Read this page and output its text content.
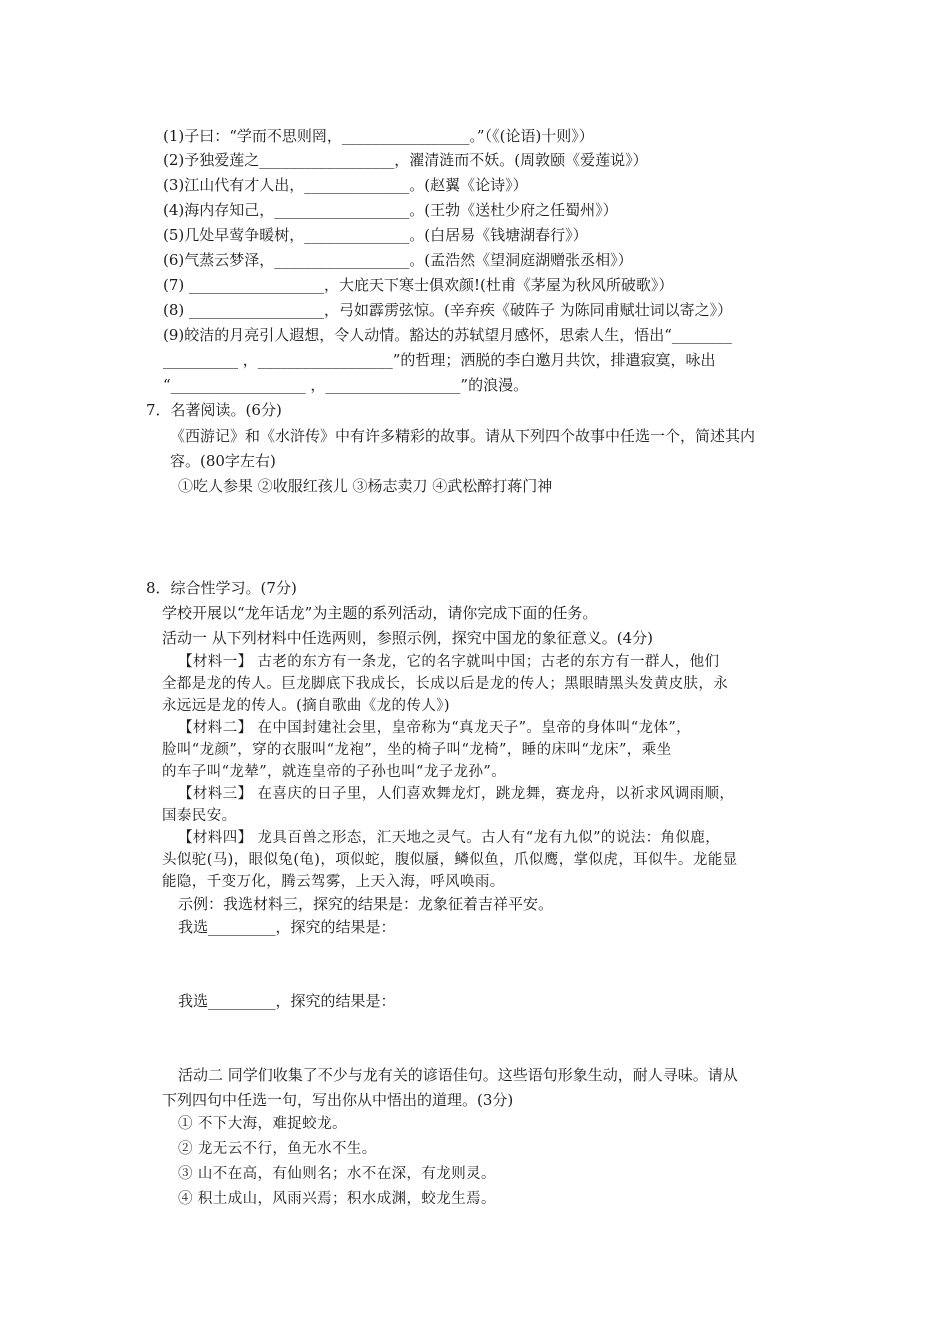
(1)子曰：“学而不思则罔，_________________。”（《(论语)十则》）
(2)予独爱莲之__________________，濯清涟而不妖。(周敦颐《爱莲说》）
(3)江山代有才人出，______________。(赵翼《论诗》）
(4)海内存知己，__________________。(王勃《送杜少府之任蜀州》）
(5)几处早莺争暖树，______________。(白居易《钱塘湖春行》）
(6)气蒸云梦泽，__________________。(孟浩然《望洞庭湖赠张丞相》）
(7) __________________，大庇天下寒士俱欢颜!(杜甫《茅屋为秋风所破歌》）
(8) __________________，弓如霹雳弦惊。(辛弃疾《破阵子 为陈同甫赋壮词以寄之》）
(9)皎洁的月亮引人遐想，令人动情。豁达的苏轼望月感怀，思索人生，悟出“________
__________ ，__________________”的哲理；洒脱的李白邀月共饮，排遣寂寞，咏出
“__________________ ，__________________”的浪漫。
7．名著阅读。(6分)
《西游记》和《水浒传》中有许多精彩的故事。请从下列四个故事中任选一个，简述其内
容。(80字左右)
①吃人参果 ②收服红孩儿 ③杨志卖刀 ④武松醉打蒋门神
8．综合性学习。(7分)
学校开展以“龙年话龙”为主题的系列活动，请你完成下面的任务。
活动一 从下列材料中任选两则，参照示例，探究中国龙的象征意义。(4分)
【材料一】 古老的东方有一条龙，它的名字就叫中国；古老的东方有一群人，他们
全都是龙的传人。巨龙脚底下我成长，长成以后是龙的传人；黑眼睛黑头发黄皮肤，永
永远远是龙的传人。(摘自歌曲《龙的传人》)
【材料二】 在中国封建社会里，皇帝称为“真龙天子”。皇帝的身体叫“龙体”，
脸叫“龙颜”，穿的衣服叫“龙袍”，坐的椅子叫“龙椅”，睡的床叫“龙床”，乘坐
的车子叫“龙辇”，就连皇帝的子孙也叫“龙子龙孙”。
【材料三】 在喜庆的日子里，人们喜欢舞龙灯，跳龙舞，赛龙舟，以祈求风调雨顺，
国泰民安。
【材料四】 龙具百兽之形态，汇天地之灵气。古人有“龙有九似”的说法：角似鹿，
头似驼(马)，眼似兔(龟)，项似蛇，腹似蜃，鳞似鱼，爪似鹰，掌似虎，耳似牛。龙能显
能隐，千变万化，腾云驾雾，上天入海，呼风唤雨。
示例：我选材料三，探究的结果是：龙象征着吉祥平安。
我选_________，探究的结果是：
我选_________，探究的结果是：
活动二 同学们收集了不少与龙有关的谚语佳句。这些语句形象生动，耐人寻味。请从
下列四句中任选一句，写出你从中悟出的道理。(3分)
① 不下大海，难捉蛟龙。
② 龙无云不行，鱼无水不生。
③ 山不在高，有仙则名；水不在深，有龙则灵。
④ 积土成山，风雨兴焉；积水成渊，蛟龙生焉。
